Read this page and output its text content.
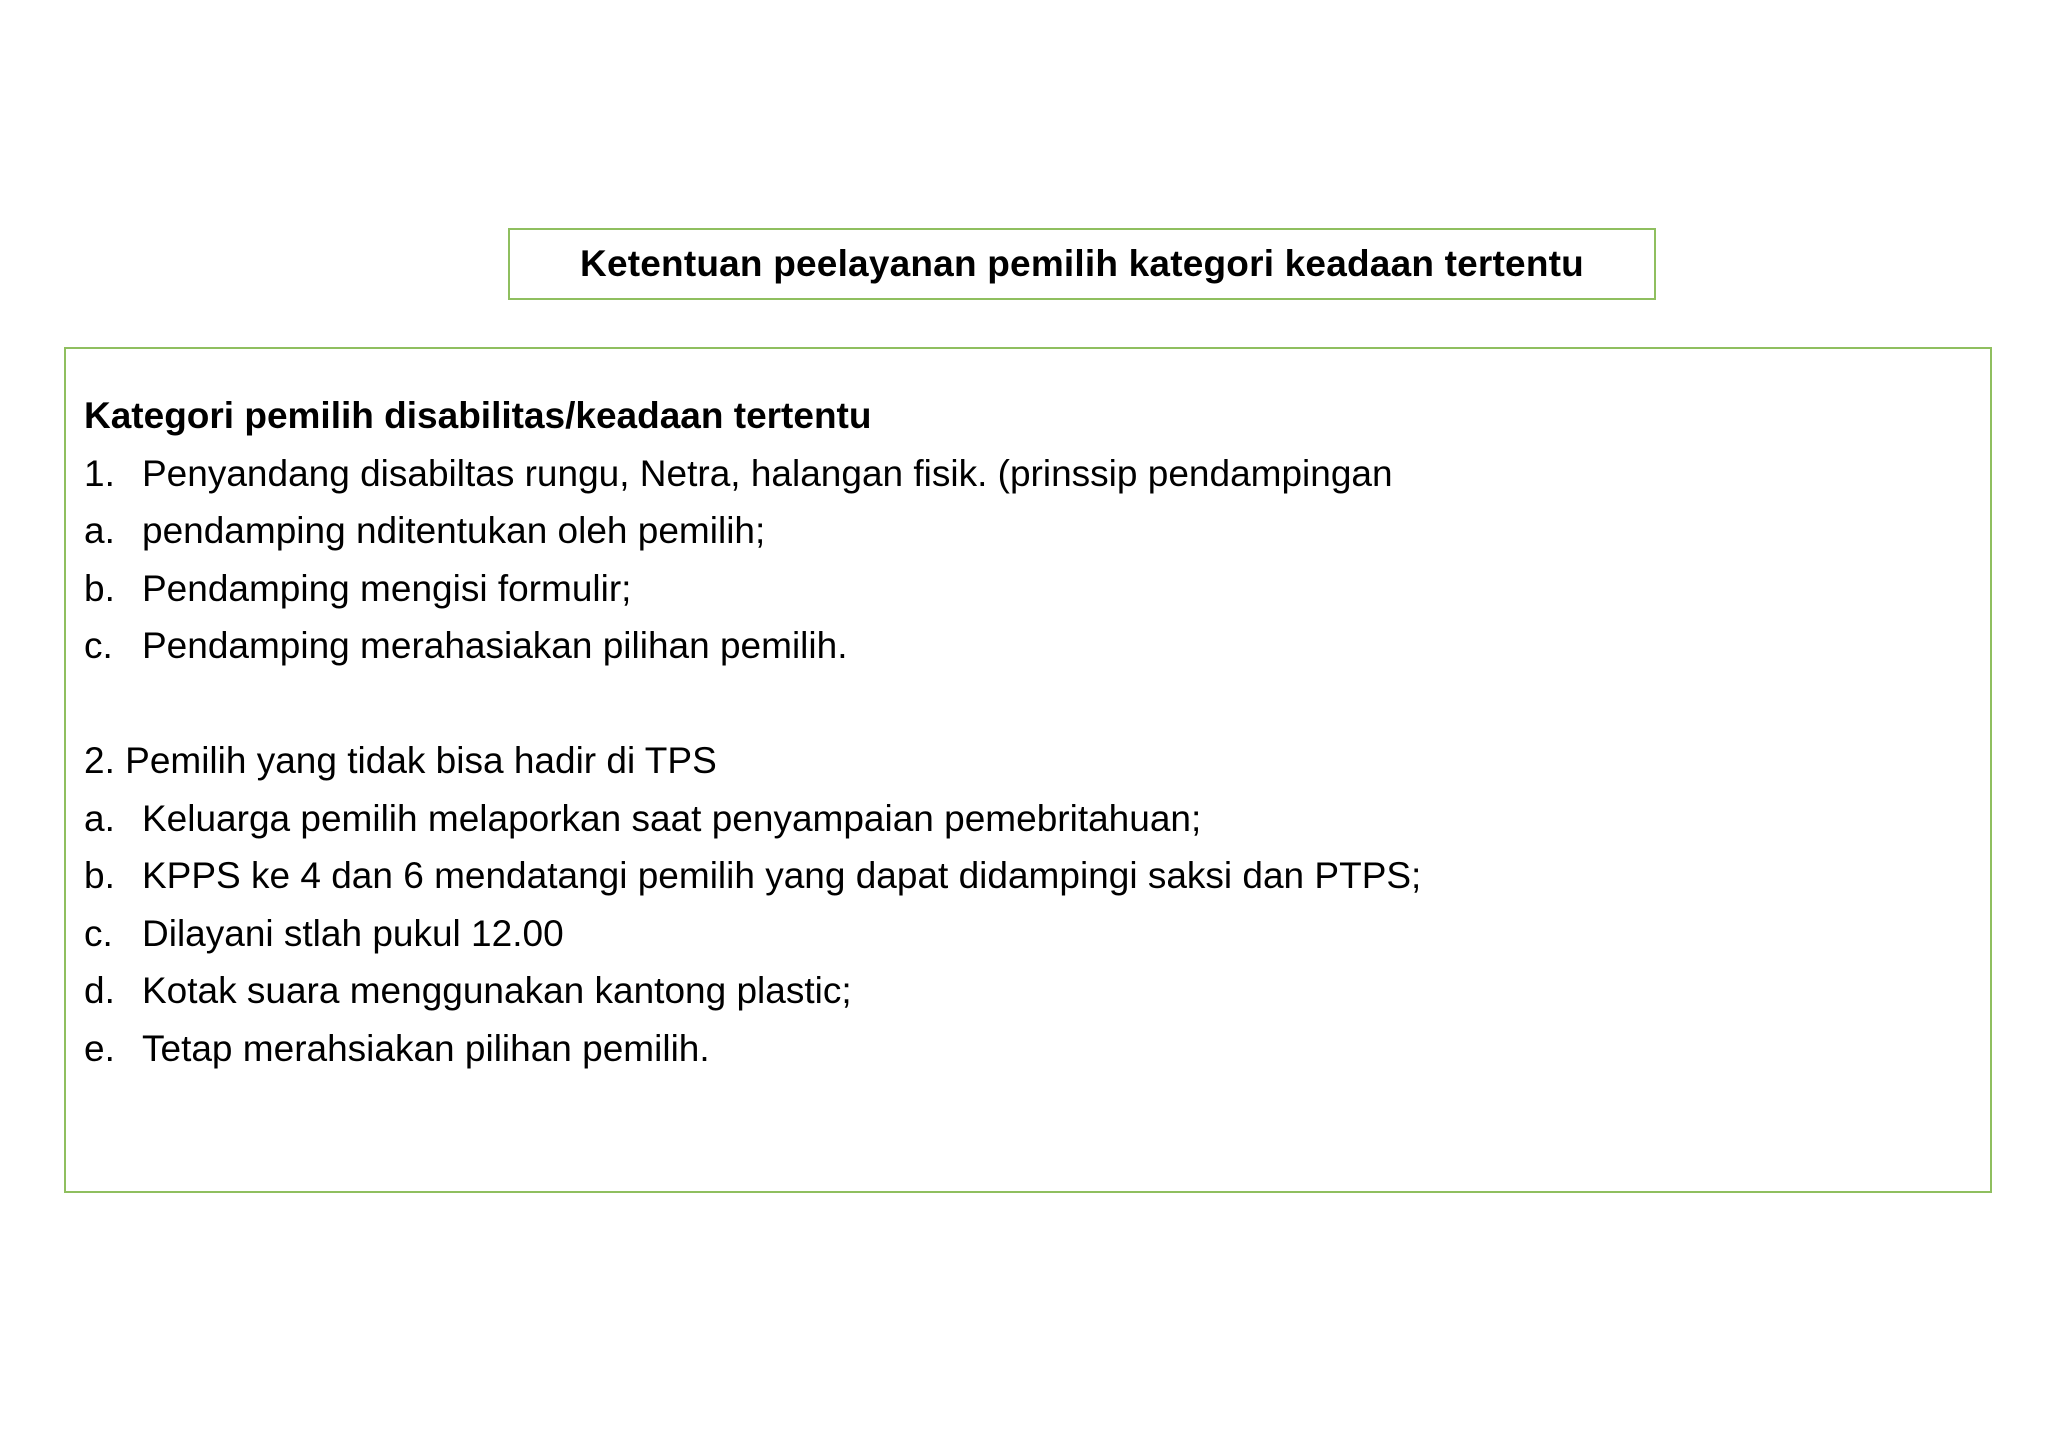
Ketentuan peelayanan pemilih kategori keadaan tertentu
Kategori pemilih disabilitas/keadaan tertentu
1. Penyandang disabiltas rungu, Netra, halangan fisik. (prinssip pendampingan
a. pendamping nditentukan oleh pemilih;
b. Pendamping mengisi formulir;
c. Pendamping merahasiakan pilihan pemilih.
2. Pemilih yang tidak bisa hadir di TPS
a. Keluarga pemilih melaporkan saat penyampaian pemebritahuan;
b. KPPS ke 4 dan 6 mendatangi pemilih yang dapat didampingi saksi dan PTPS;
c. Dilayani stlah pukul 12.00
d. Kotak suara menggunakan kantong plastic;
e. Tetap merahsiakan pilihan pemilih.
